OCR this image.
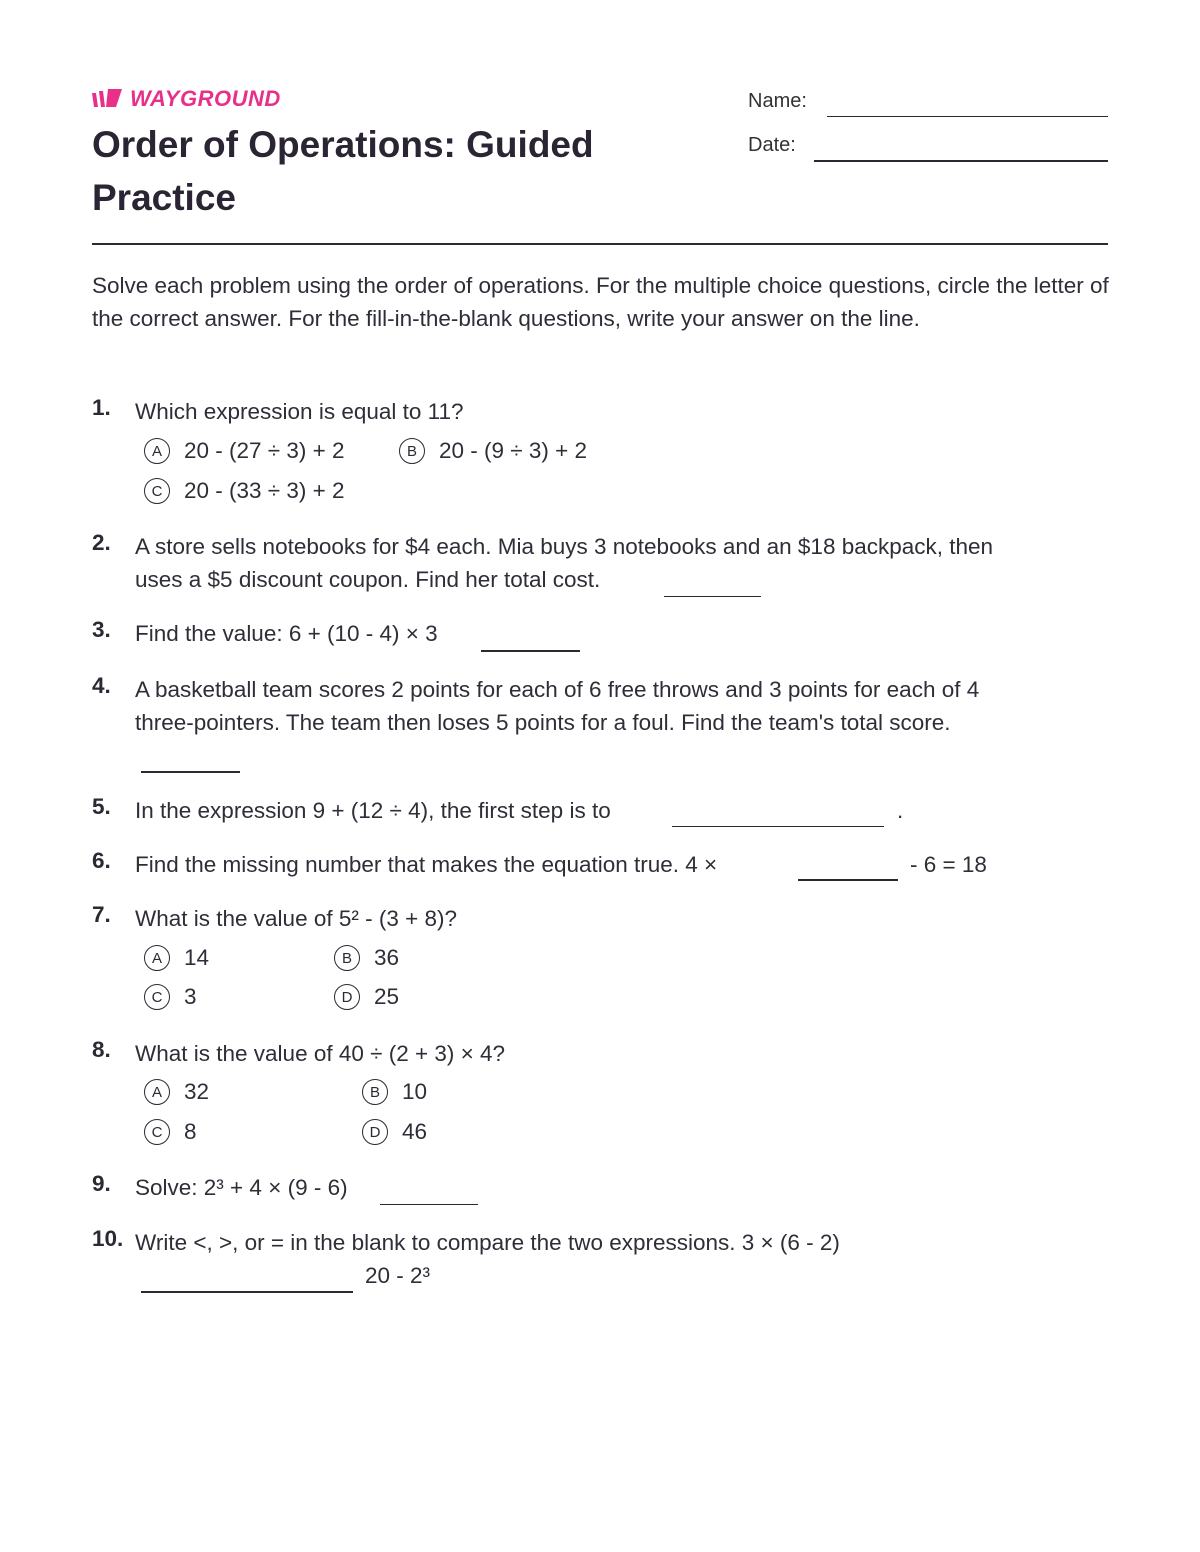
WAYGROUND
Order of Operations: Guided Practice
Name:
Date:
Solve each problem using the order of operations. For the multiple choice questions, circle the letter of the correct answer. For the fill-in-the-blank questions, write your answer on the line.
1. Which expression is equal to 11?
A 20 - (27 ÷ 3) + 2	B 20 - (9 ÷ 3) + 2
C 20 - (33 ÷ 3) + 2
2. A store sells notebooks for $4 each. Mia buys 3 notebooks and an $18 backpack, then
uses a $5 discount coupon. Find her total cost.
3. Find the value: 6 + (10 - 4) × 3
4. A basketball team scores 2 points for each of 6 free throws and 3 points for each of 4
three-pointers. The team then loses 5 points for a foul. Find the team's total score.
5. In the expression 9 + (12 ÷ 4), the first step is to	.
6. Find the missing number that makes the equation true. 4 ×	- 6 = 18
7. What is the value of 5² - (3 + 8)?
A 14	B 36
C 3	D 25
8. What is the value of 40 ÷ (2 + 3) × 4?
A 32	B 10
C 8	D 46
9. Solve: 2³ + 4 × (9 - 6)
10. Write <, >, or = in the blank to compare the two expressions. 3 × (6 - 2)
20 - 2³
